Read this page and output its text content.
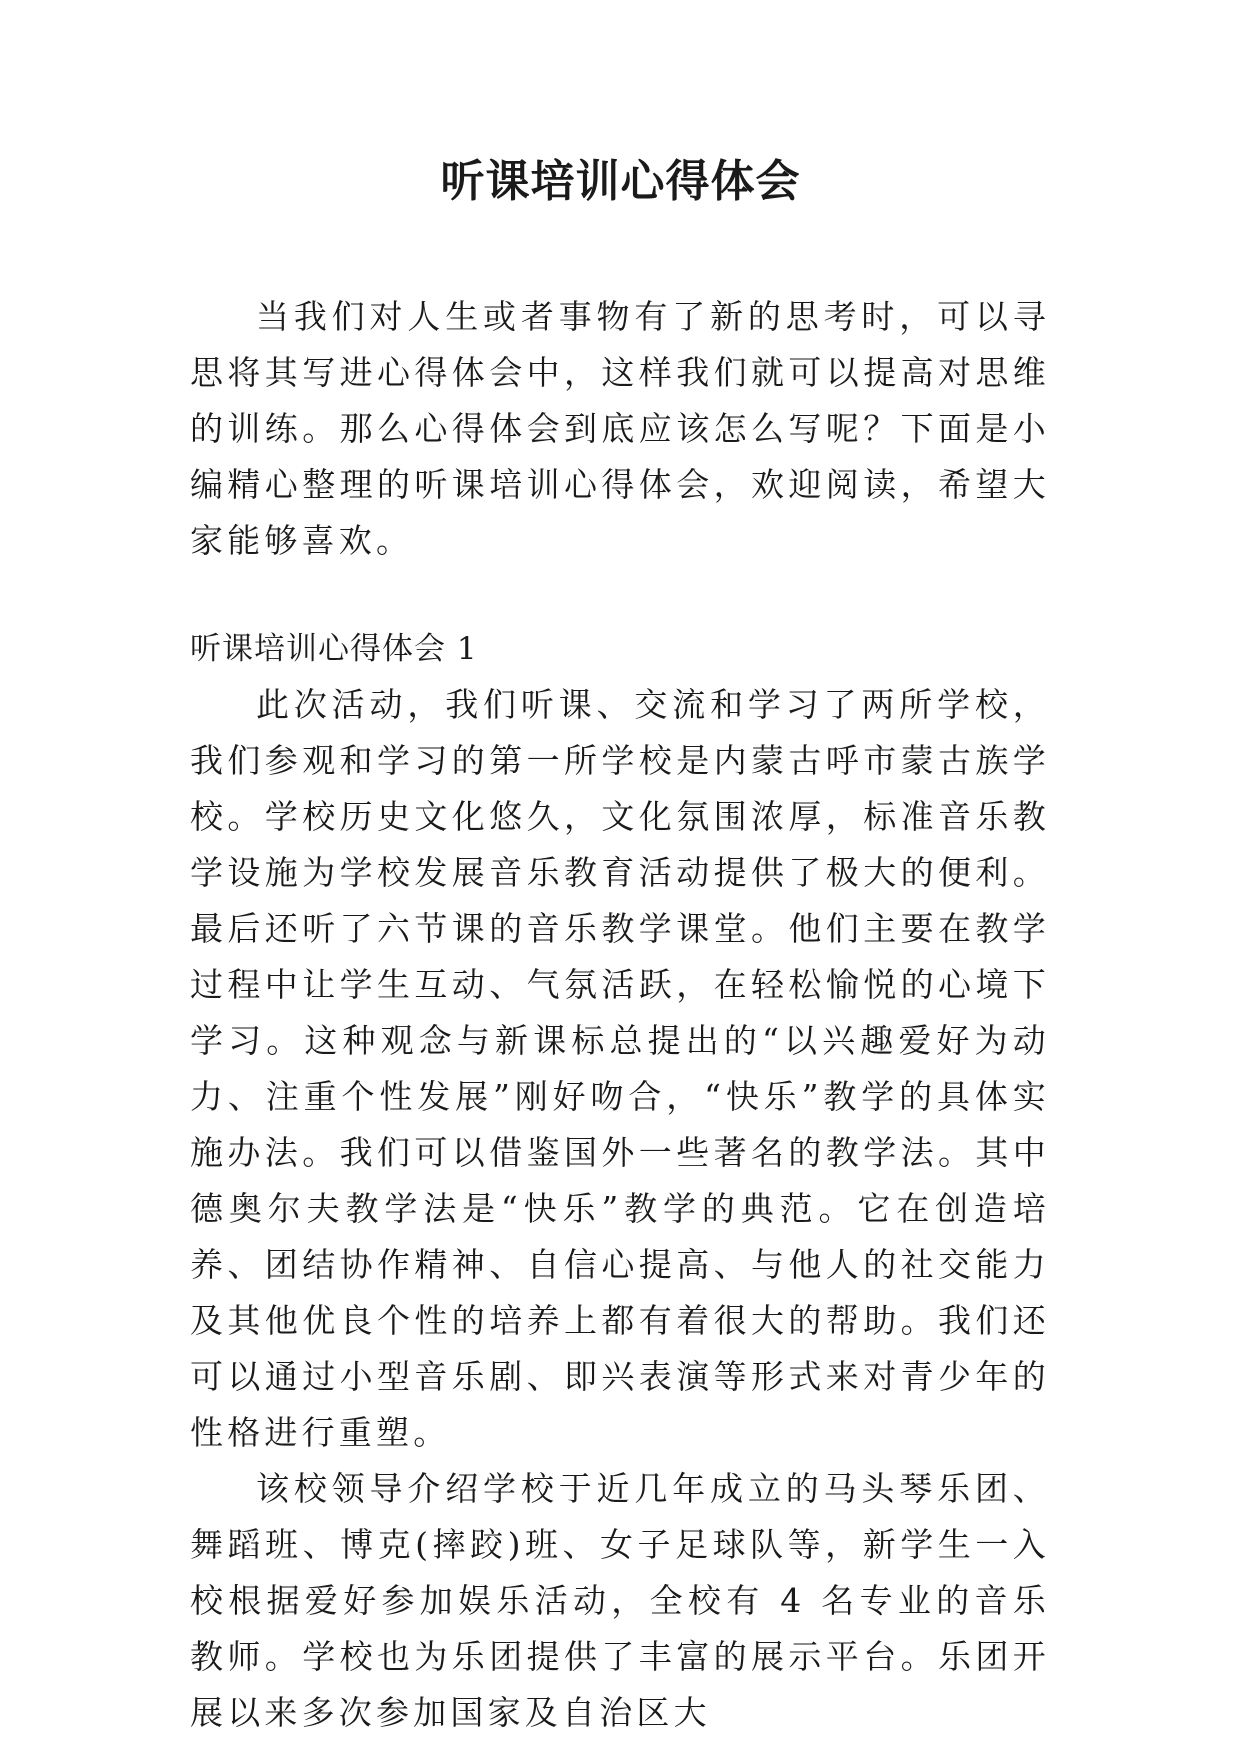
听课培训心得体会

当我们对人生或者事物有了新的思考时，可以寻思将其写进心得体会中，这样我们就可以提高对思维的训练。那么心得体会到底应该怎么写呢？下面是小编精心整理的听课培训心得体会，欢迎阅读，希望大家能够喜欢。

听课培训心得体会 1

此次活动，我们听课、交流和学习了两所学校，我们参观和学习的第一所学校是内蒙古呼市蒙古族学校。学校历史文化悠久，文化氛围浓厚，标准音乐教学设施为学校发展音乐教育活动提供了极大的便利。最后还听了六节课的音乐教学课堂。他们主要在教学过程中让学生互动、气氛活跃，在轻松愉悦的心境下学习。这种观念与新课标总提出的“以兴趣爱好为动力、注重个性发展”刚好吻合，“快乐”教学的具体实施办法。我们可以借鉴国外一些著名的教学法。其中德奥尔夫教学法是“快乐”教学的典范。它在创造培养、团结协作精神、自信心提高、与他人的社交能力及其他优良个性的培养上都有着很大的帮助。我们还可以通过小型音乐剧、即兴表演等形式来对青少年的性格进行重塑。

该校领导介绍学校于近几年成立的马头琴乐团、舞蹈班、博克(摔跤)班、女子足球队等，新学生一入校根据爱好参加娱乐活动，全校有 4 名专业的音乐教师。学校也为乐团提供了丰富的展示平台。乐团开展以来多次参加国家及自治区大
